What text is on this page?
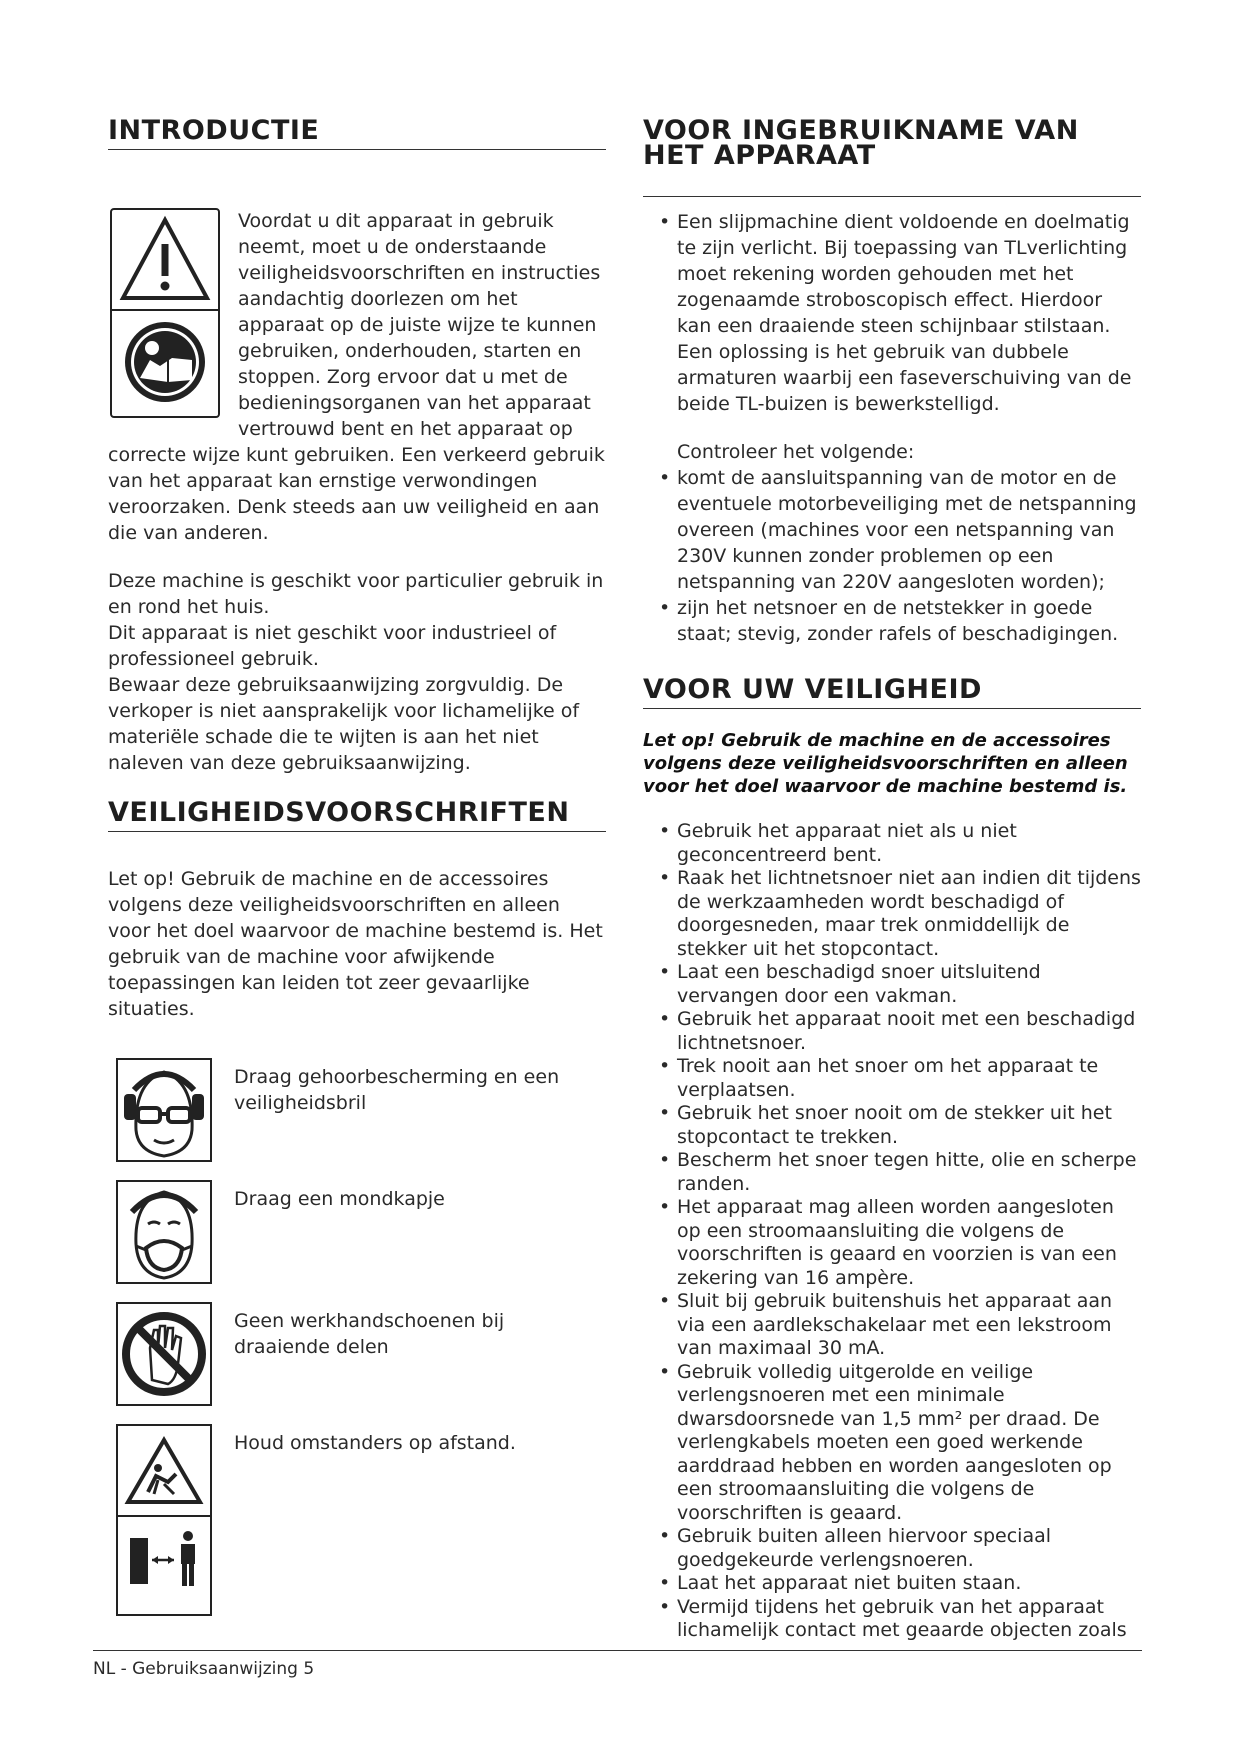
INTRODUCTIE

Voordat u dit apparaat in gebruik neemt, moet u de onderstaande veiligheidsvoorschriften en instructies aandachtig doorlezen om het apparaat op de juiste wijze te kunnen gebruiken, onderhouden, starten en stoppen. Zorg ervoor dat u met de bedieningsorganen van het apparaat vertrouwd bent en het apparaat op correcte wijze kunt gebruiken. Een verkeerd gebruik van het apparaat kan ernstige verwondingen veroorzaken. Denk steeds aan uw veiligheid en aan die van anderen.

Deze machine is geschikt voor particulier gebruik in en rond het huis.

Dit apparaat is niet geschikt voor industrieel of professioneel gebruik.

Bewaar deze gebruiksaanwijzing zorgvuldig. De verkoper is niet aansprakelijk voor lichamelijke of materiële schade die te wijten is aan het niet naleven van deze gebruiksaanwijzing.

VEILIGHEIDSVOORSCHRIFTEN

Let op! Gebruik de machine en de accessoires volgens deze veiligheidsvoorschriften en alleen voor het doel waarvoor de machine bestemd is. Het gebruik van de machine voor afwijkende toepassingen kan leiden tot zeer gevaarlijke situaties.

Draag gehoorbescherming en een veiligheidsbril
Draag een mondkapje
Geen werkhandschoenen bij draaiende delen
Houd omstanders op afstand.
VOOR INGEBRUIKNAME VAN HET APPARAAT
• Een slijpmachine dient voldoende en doelmatig te zijn verlicht. Bij toepassing van TLverlichting moet rekening worden gehouden met het zogenaamde stroboscopisch effect. Hierdoor kan een draaiende steen schijnbaar stilstaan. Een oplossing is het gebruik van dubbele armaturen waarbij een faseverschuiving van de beide TL-buizen is bewerkstelligd.

Controleer het volgende:

• komt de aansluitspanning van de motor en de eventuele motorbeveiliging met de netspanning overeen (machines voor een netspanning van 230V kunnen zonder problemen op een netspanning van 220V aangesloten worden);
• zijn het netsnoer en de netstekker in goede staat; stevig, zonder rafels of beschadigingen.
VOOR UW VEILIGHEID

Let op! Gebruik de machine en de accessoires volgens deze veiligheidsvoorschriften en alleen voor het doel waarvoor de machine bestemd is.

• Gebruik het apparaat niet als u niet geconcentreerd bent.
• Raak het lichtnetsnoer niet aan indien dit tijdens de werkzaamheden wordt beschadigd of doorgesneden, maar trek onmiddellijk de stekker uit het stopcontact.
• Laat een beschadigd snoer uitsluitend vervangen door een vakman.
• Gebruik het apparaat nooit met een beschadigd lichtnetsnoer.
• Trek nooit aan het snoer om het apparaat te verplaatsen.
• Gebruik het snoer nooit om de stekker uit het stopcontact te trekken.
• Bescherm het snoer tegen hitte, olie en scherpe randen.
• Het apparaat mag alleen worden aangesloten op een stroomaansluiting die volgens de voorschriften is geaard en voorzien is van een zekering van 16 ampère.
• Sluit bij gebruik buitenshuis het apparaat aan via een aardlekschakelaar met een lekstroom van maximaal 30 mA.
• Gebruik volledig uitgerolde en veilige verlengsnoeren met een minimale dwarsdoorsnede van 1,5 mm² per draad. De verlengkabels moeten een goed werkende aarddraad hebben en worden aangesloten op een stroomaansluiting die volgens de voorschriften is geaard.
• Gebruik buiten alleen hiervoor speciaal goedgekeurde verlengsnoeren.
• Laat het apparaat niet buiten staan.
• Vermijd tijdens het gebruik van het apparaat lichamelijk contact met geaarde objecten zoals
NL - Gebruiksaanwijzing 5
